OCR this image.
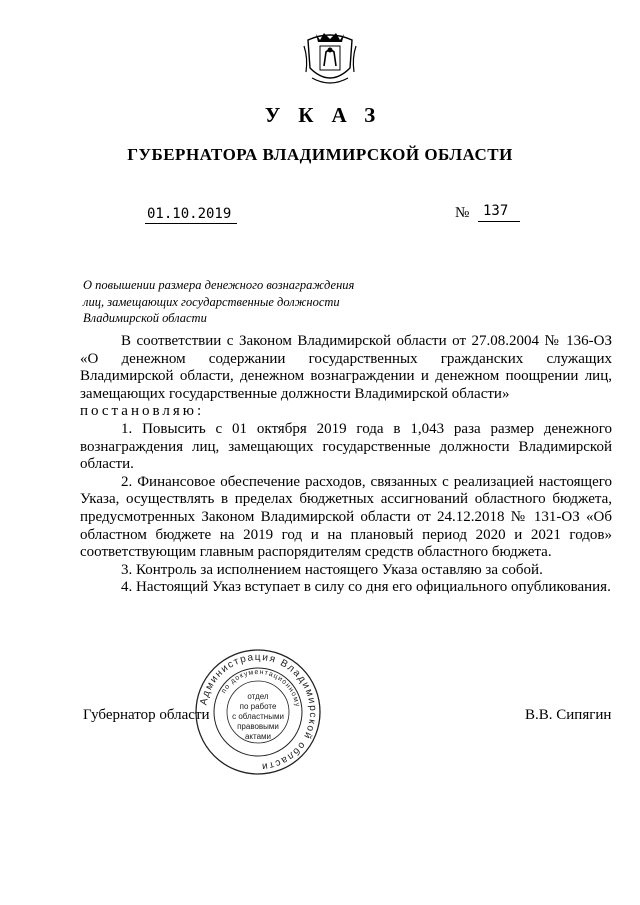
УКАЗ
ГУБЕРНАТОРА ВЛАДИМИРСКОЙ ОБЛАСТИ
01.10.2019	№ 137
О повышении размера денежного вознаграждения
лиц, замещающих государственные должности
Владимирской области

В соответствии с Законом Владимирской области от 27.08.2004 № 136-ОЗ «О денежном содержании государственных гражданских служащих Владимирской области, денежном вознаграждении и денежном поощрении лиц, замещающих государственные должности Владимирской области»

постановляю:

1. Повысить с 01 октября 2019 года в 1,043 раза размер денежного вознаграждения лиц, замещающих государственные должности Владимирской области.

2. Финансовое обеспечение расходов, связанных с реализацией настоящего Указа, осуществлять в пределах бюджетных ассигнований областного бюджета, предусмотренных Законом Владимирской области от 24.12.2018 № 131-ОЗ «Об областном бюджете на 2019 год и на плановый период 2020 и 2021 годов» соответствующим главным распорядителям средств областного бюджета.

3. Контроль за исполнением настоящего Указа оставляю за собой.

4. Настоящий Указ вступает в силу со дня его официального опубликования.

Губернатор области	В.В. Сипягин
Администрация Владимирской области
по документационному
отдел
по работе
с областными
правовыми
актами
